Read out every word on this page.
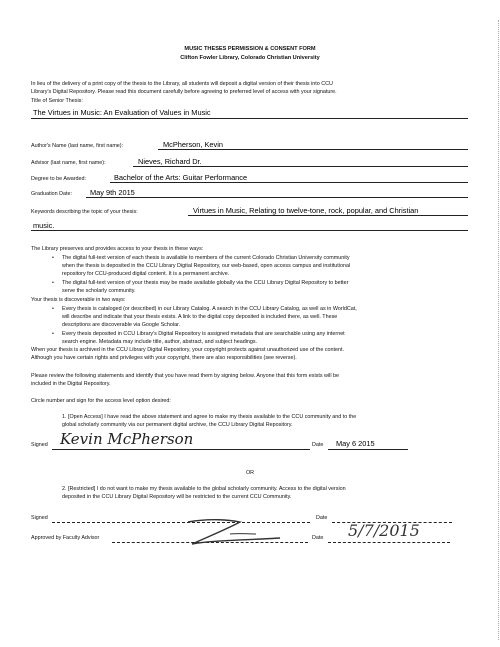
MUSIC THESES PERMISSION & CONSENT FORM
Clifton Fowler Library, Colorado Christian University
In lieu of the delivery of a print copy of the thesis to the Library, all students will deposit a digital version of their thesis into CCU
Library's Digital Repository. Please read this document carefully before agreeing to preferred level of access with your signature.
Title of Senior Thesis:
The Virtues in Music: An Evaluation of Values in Music
Author's Name (last name, first name):	McPherson, Kevin
Advisor (last name, first name):	Nieves, Richard Dr.
Degree to be Awarded:	Bachelor of the Arts: Guitar Performance
Graduation Date: May 9th 2015
Keywords describing the topic of your thesis:	Virtues in Music, Relating to twelve-tone, rock, popular, and Christian
music.
The Library preserves and provides access to your thesis in these ways:
• The digital full-text version of each thesis is available to members of the current Colorado Christian University community
when the thesis is deposited in the CCU Library Digital Repository, our web-based, open access campus and institutional
repository for CCU-produced digital content. It is a permanent archive.
• The digital full-text version of your thesis may be made available globally via the CCU Library Digital Repository to better
serve the scholarly community.
Your thesis is discoverable in two ways:
• Every thesis is cataloged (or described) in our Library Catalog. A search in the CCU Library Catalog, as well as in WorldCat,
will describe and indicate that your thesis exists. A link to the digital copy deposited is included there, as well. These
descriptions are discoverable via Google Scholar.
• Every thesis deposited in CCU Library's Digital Repository is assigned metadata that are searchable using any internet
search engine. Metadata may include title, author, abstract, and subject headings.
When your thesis is archived in the CCU Library Digital Repository, your copyright protects against unauthorized use of the content.
Although you have certain rights and privileges with your copyright, there are also responsibilities (see reverse).
Please review the following statements and identify that you have read them by signing below. Anyone that this form exists will be
included in the Digital Repository.
Circle number and sign for the access level option desired:
1. [Open Access] I have read the above statement and agree to make my thesis available to the CCU community and to the
global scholarly community via our permanent digital archive, the CCU Library Digital Repository.
Signed Kevin McPherson	Date May 6 2015
OR
2. [Restricted] I do not want to make my thesis available to the global scholarly community. Access to the digital version
deposited in the CCU Library Digital Repository will be restricted to the current CCU Community.
Signed	Date
Approved by Faculty Advisor	Date 5/7/2015
